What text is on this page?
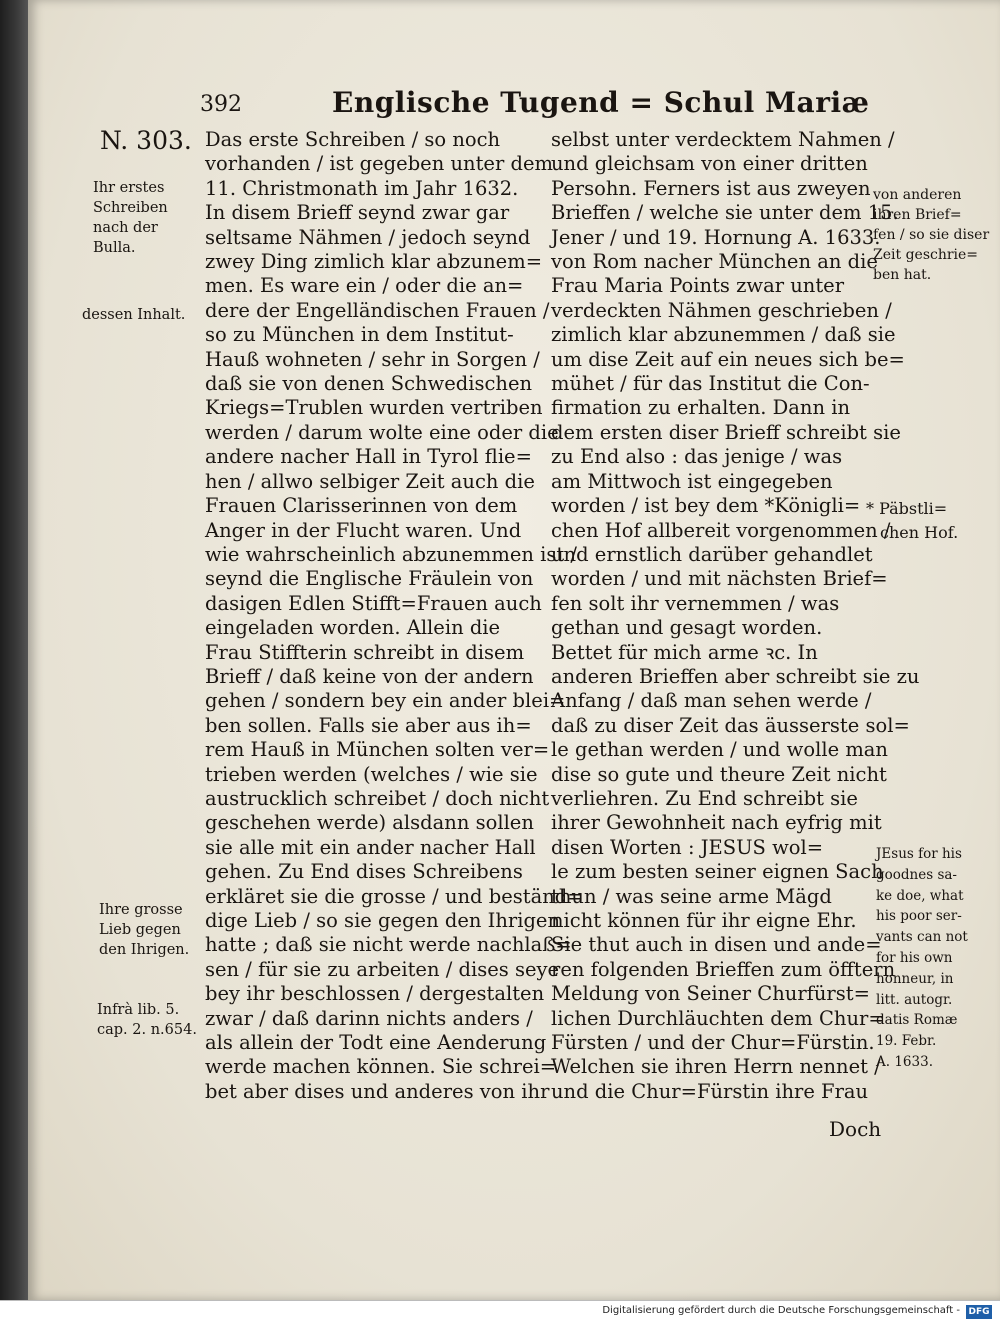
392	Englische Tugend = Schul Mariæ
N. 303.
Ihr erstes
Schreiben
nach der
Bulla.
dessen Inhalt.
Ihre grosse
Lieb gegen
den Ihrigen.
Infrà lib. 5.
cap. 2. n.654.
Das erste Schreiben / so noch
vorhanden / ist gegeben unter dem
11. Christmonath im Jahr 1632.
In disem Brieff seynd zwar gar
seltsame Nähmen / jedoch seynd
zwey Ding zimlich klar abzunem=
men. Es ware ein / oder die an=
dere der Engelländischen Frauen /
so zu München in dem Institut-
Hauß wohneten / sehr in Sorgen /
daß sie von denen Schwedischen
Kriegs=Trublen wurden vertriben
werden / darum wolte eine oder die
andere nacher Hall in Tyrol flie=
hen / allwo selbiger Zeit auch die
Frauen Clarisserinnen von dem
Anger in der Flucht waren. Und
wie wahrscheinlich abzunemmen ist /
seynd die Englische Fräulein von
dasigen Edlen Stifft=Frauen auch
eingeladen worden. Allein die
Frau Stiffterin schreibt in disem
Brieff / daß keine von der andern
gehen / sondern bey ein ander blei=
ben sollen. Falls sie aber aus ih=
rem Hauß in München solten ver=
trieben werden (welches / wie sie
austrucklich schreibet / doch nicht
geschehen werde) alsdann sollen
sie alle mit ein ander nacher Hall
gehen. Zu End dises Schreibens
erkläret sie die grosse / und beständ=
dige Lieb / so sie gegen den Ihrigen
hatte ; daß sie nicht werde nachlaß=
sen / für sie zu arbeiten / dises seye
bey ihr beschlossen / dergestalten
zwar / daß darinn nichts anders /
als allein der Todt eine Aenderung
werde machen können. Sie schrei=
bet aber dises und anderes von ihr
selbst unter verdecktem Nahmen /
und gleichsam von einer dritten
Persohn. Ferners ist aus zweyen
Brieffen / welche sie unter dem 15.
Jener / und 19. Hornung A. 1633.
von Rom nacher München an die
Frau Maria Points zwar unter
verdeckten Nähmen geschrieben /
zimlich klar abzunemmen / daß sie
um dise Zeit auf ein neues sich be=
mühet / für das Institut die Con-
firmation zu erhalten. Dann in
dem ersten diser Brieff schreibt sie
zu End also : das jenige / was
am Mittwoch ist eingegeben
worden / ist bey dem *Königli=
chen Hof allbereit vorgenommen /
und ernstlich darüber gehandlet
worden / und mit nächsten Brief=
fen solt ihr vernemmen / was
gethan und gesagt worden.
Bettet für mich arme ꝛc. In
anderen Brieffen aber schreibt sie zu
Anfang / daß man sehen werde /
daß zu diser Zeit das äusserste sol=
le gethan werden / und wolle man
dise so gute und theure Zeit nicht
verliehren. Zu End schreibt sie
ihrer Gewohnheit nach eyfrig mit
disen Worten : JESUS wol=
le zum besten seiner eignen Sach
thun / was seine arme Mägd
nicht können für ihr eigne Ehr.
Sie thut auch in disen und ande=
ren folgenden Brieffen zum öfftern
Meldung von Seiner Churfürst=
lichen Durchläuchten dem Chur=
Fürsten / und der Chur=Fürstin.
Welchen sie ihren Herrn nennet /
und die Chur=Fürstin ihre Frau
Doch
von anderen
ihren Brief=
fen / so sie diser
Zeit geschrie=
ben hat.
* Päbstli=
chen Hof.
JEsus for his
goodnes sa-
ke doe, what
his poor ser-
vants can not
for his own
honneur, in
litt. autogr.
datis Romæ
19. Febr.
A. 1633.
Digitalisierung gefördert durch die Deutsche Forschungsgemeinschaft - DFG
